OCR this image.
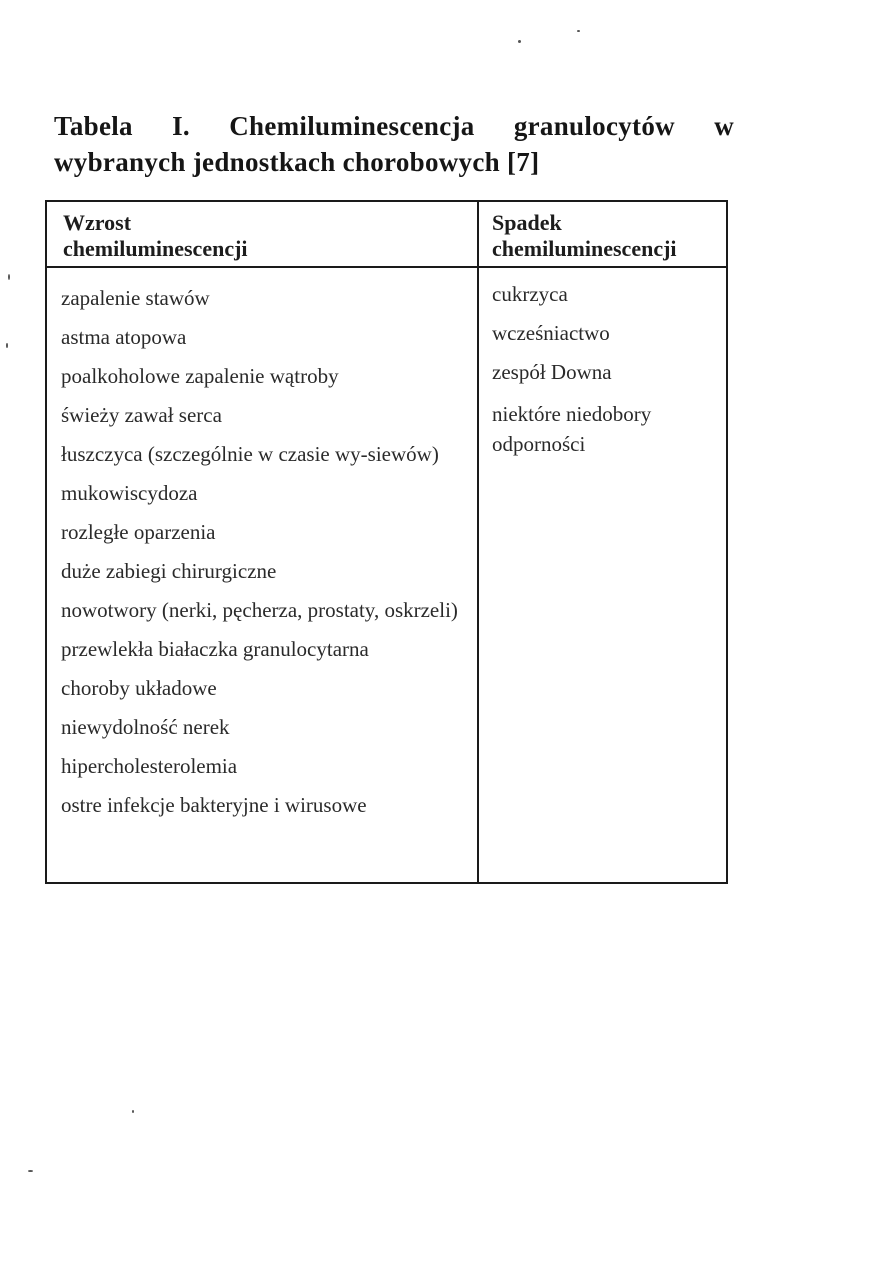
Tabela I. Chemiluminescencja granulocytów w
wybranych jednostkach chorobowych [7]
Wzrost
chemiluminescencji
Spadek
chemiluminescencji
zapalenie stawów
astma atopowa
poalkoholowe zapalenie wątroby
świeży zawał serca
łuszczyca (szczególnie w czasie wy-siewów)
mukowiscydoza
rozległe oparzenia
duże zabiegi chirurgiczne
nowotwory (nerki, pęcherza, prostaty, oskrzeli)
przewlekła białaczka granulocytarna
choroby układowe
niewydolność nerek
hipercholesterolemia
ostre infekcje bakteryjne i wirusowe
cukrzyca
wcześniactwo
zespół Downa
niektóre niedobory odporności
